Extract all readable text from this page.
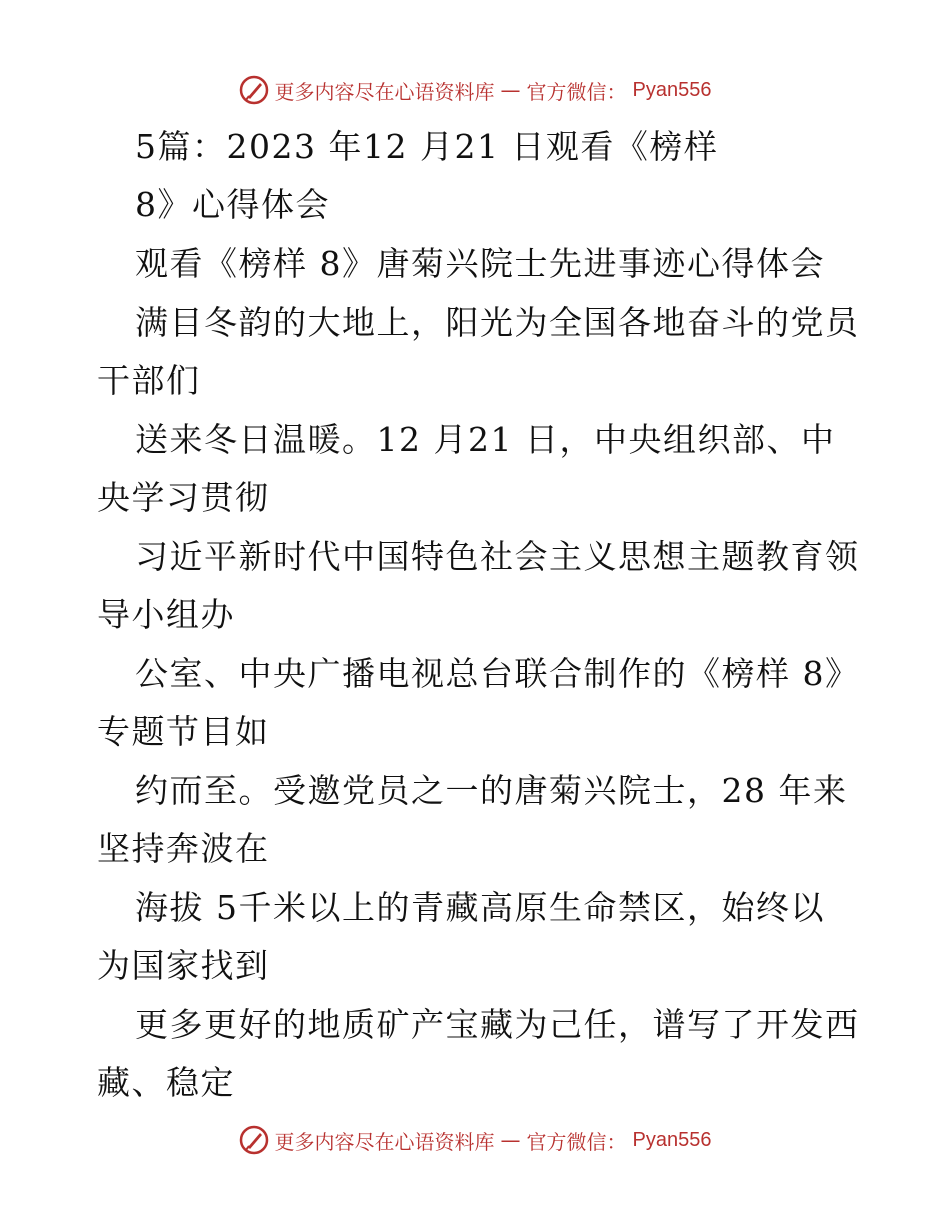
更多内容尽在心语资料库 — 官方微信： Pyan556
5篇：2023 年12 月21 日观看《榜样
8》心得体会
观看《榜样 8》唐菊兴院士先进事迹心得体会
满目冬韵的大地上，阳光为全国各地奋斗的党员
干部们
送来冬日温暖。12 月21 日，中央组织部、中
央学习贯彻
习近平新时代中国特色社会主义思想主题教育领
导小组办
公室、中央广播电视总台联合制作的《榜样 8》
专题节目如
约而至。受邀党员之一的唐菊兴院士，28 年来
坚持奔波在
海拔 5千米以上的青藏高原生命禁区，始终以
为国家找到
更多更好的地质矿产宝藏为己任，谱写了开发西
藏、稳定
更多内容尽在心语资料库 — 官方微信： Pyan556
